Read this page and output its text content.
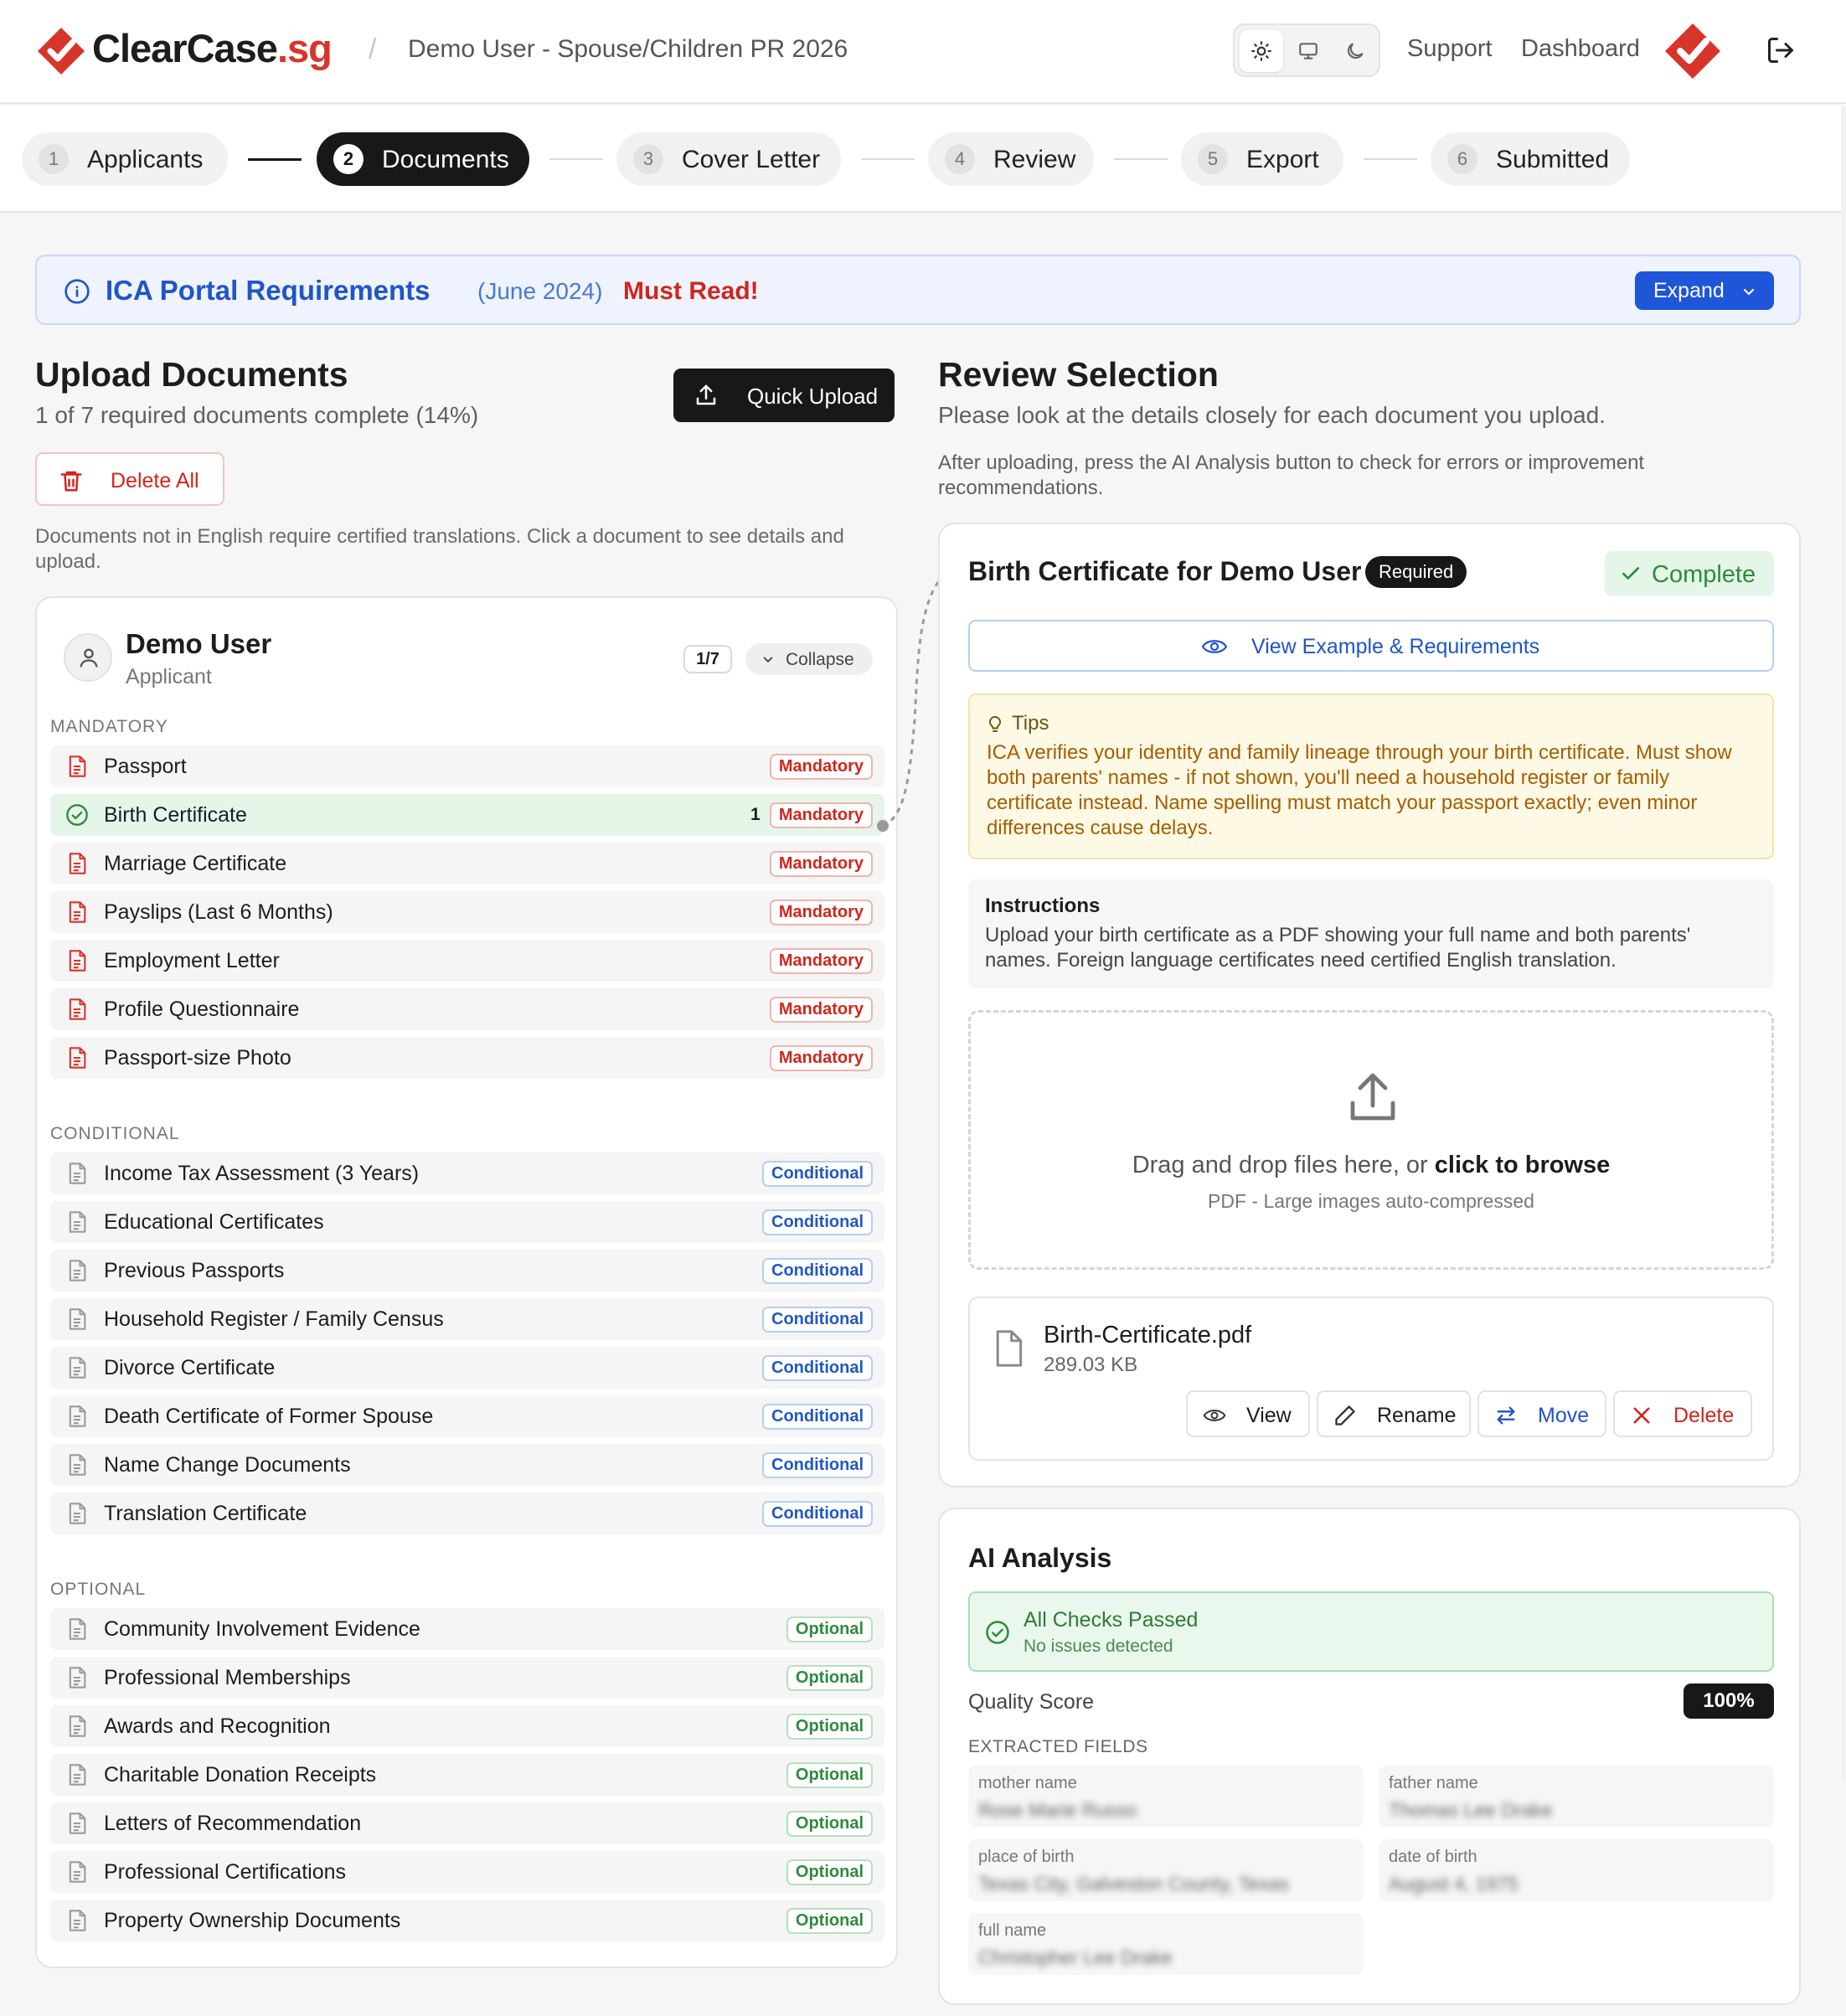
ClearCase.sg / Demo User - Spouse/Children PR 2026	Support Dashboard
1	Applicants	2	Documents	3	Cover Letter	4	Review	5	Export	6	Submitted
ICA Portal Requirements (June 2024) Must Read!	Expand
Upload Documents
1 of 7 required documents complete (14%)
Quick Upload
Delete All
Documents not in English require certified translations. Click a document to see details and upload.
Demo User
Applicant
1/7	Collapse
MANDATORY
Passport	Mandatory
Birth Certificate	1	Mandatory
Marriage Certificate	Mandatory
Payslips (Last 6 Months)	Mandatory
Employment Letter	Mandatory
Profile Questionnaire	Mandatory
Passport-size Photo	Mandatory
CONDITIONAL
Income Tax Assessment (3 Years)	Conditional
Educational Certificates	Conditional
Previous Passports	Conditional
Household Register / Family Census	Conditional
Divorce Certificate	Conditional
Death Certificate of Former Spouse	Conditional
Name Change Documents	Conditional
Translation Certificate	Conditional
OPTIONAL
Community Involvement Evidence	Optional
Professional Memberships	Optional
Awards and Recognition	Optional
Charitable Donation Receipts	Optional
Letters of Recommendation	Optional
Professional Certifications	Optional
Property Ownership Documents	Optional
Review Selection
Please look at the details closely for each document you upload.
After uploading, press the AI Analysis button to check for errors or improvement recommendations.
Birth Certificate for Demo User Required	Complete
View Example & Requirements
Tips
ICA verifies your identity and family lineage through your birth certificate. Must show both parents' names - if not shown, you'll need a household register or family certificate instead. Name spelling must match your passport exactly; even minor differences cause delays.
Instructions
Upload your birth certificate as a PDF showing your full name and both parents' names. Foreign language certificates need certified English translation.
Drag and drop files here, or click to browse
PDF - Large images auto-compressed
Birth-Certificate.pdf
289.03 KB
View	Rename	Move	Delete
AI Analysis
All Checks Passed
No issues detected
Quality Score	100%
EXTRACTED FIELDS
mother name
Rose Marie Russo
father name
Thomas Lee Drake
place of birth
Texas City, Galveston County, Texas
date of birth
August 4, 1975
full name
Christopher Lee Drake
